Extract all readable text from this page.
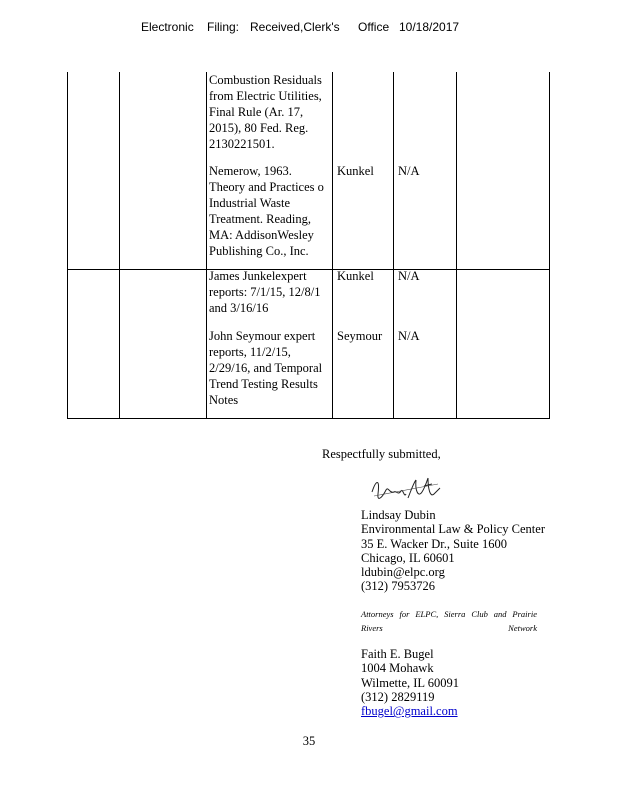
Electronic Filing: Received,Clerk's Office 10/18/2017
Combustion Residuals
from Electric Utilities,
Final Rule (Ar. 17,
2015), 80 Fed. Reg.
2130221501.
Nemerow, 1963.
Theory and Practices o
Industrial Waste
Treatment. Reading,
MA: AddisonWesley
Publishing Co., Inc.
Kunkel N/A
James Junkelexpert
reports: 7/1/15, 12/8/1
and 3/16/16
Kunkel N/A
John Seymour expert
reports, 11/2/15,
2/29/16, and Temporal
Trend Testing Results
Notes
Seymour N/A
Respectfully submitted,
Lindsay Dubin
Environmental Law & Policy Center
35 E. Wacker Dr., Suite 1600
Chicago, IL 60601
ldubin@elpc.org
(312) 7953726
Attorneys for ELPC, Sierra Club and Prairie Rivers Network
Faith E. Bugel
1004 Mohawk
Wilmette, IL 60091
(312) 2829119
fbugel@gmail.com
35
